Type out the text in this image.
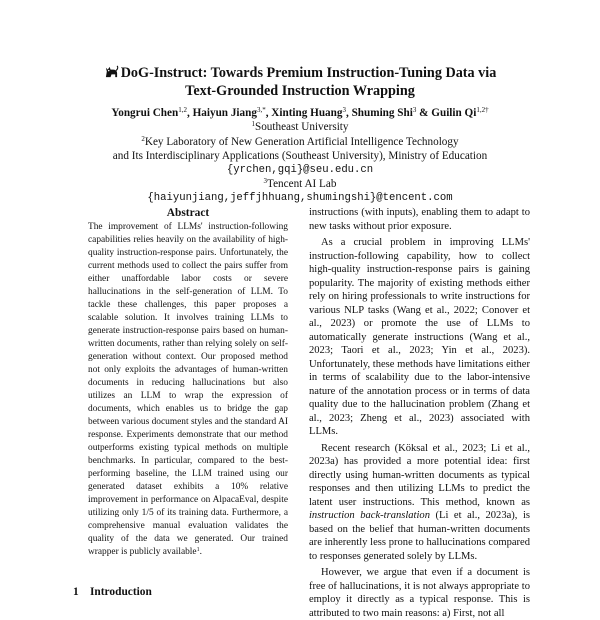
DoG-Instruct: Towards Premium Instruction-Tuning Data via
Text-Grounded Instruction Wrapping
Yongrui Chen$^{1,2}$, Haiyun Jiang$^{3,*}$, Xinting Huang$^3$, Shuming Shi$^3$ & Guilin $Qi^{1,2\dagger}$
$^1$Southeast University
$^2$Key Laboratory of New Generation Artificial Intelligence Technology
and Its Interdisciplinary Applications (Southeast University), Ministry of Education
{yrchen,gqi}@seu.edu.cn
$^3$Tencent AI Lab
{haiyunjiang,jeffjhhuang,shumingshi}@tencent.com
Abstract
The improvement of LLMs' instruction-following capabilities relies heavily on the availability of high-quality instruction-response pairs. Unfortunately, the current methods used to collect the pairs suffer from either unaffordable labor costs or severe hallucinations in the self-generation of LLM. To tackle these challenges, this paper proposes a scalable solution. It involves training LLMs to generate instruction-response pairs based on human-written documents, rather than relying solely on self-generation without context. Our proposed method not only exploits the advantages of human-written documents in reducing hallucinations but also utilizes an LLM to wrap the expression of documents, which enables us to bridge the gap between various document styles and the standard AI response. Experiments demonstrate that our method outperforms existing typical methods on multiple benchmarks. In particular, compared to the best-performing baseline, the LLM trained using our generated dataset exhibits a 10% relative improvement in performance on AlpacaEval, despite utilizing only 1/5 of its training data. Furthermore, a comprehensive manual evaluation validates the quality of the data we generated. Our trained wrapper is publicly available$^1$.
1 Introduction

instructions (with inputs), enabling them to adapt to new tasks without prior exposure.

As a crucial problem in improving LLMs' instruction-following capability, how to collect high-quality instruction-response pairs is gaining popularity. The majority of existing methods either rely on hiring professionals to write instructions for various NLP tasks (Wang et al., 2022; Conover et al., 2023) or promote the use of LLMs to automatically generate instructions (Wang et al., 2023; Taori et al., 2023; Yin et al., 2023). Unfortunately, these methods have limitations either in terms of scalability due to the labor-intensive nature of the annotation process or in terms of data quality due to the hallucination problem (Zhang et al., 2023; Zheng et al., 2023) associated with LLMs.

Recent research (Köksal et al., 2023; Li et al., 2023a) has provided a more potential idea: first directly using human-written documents as typical responses and then utilizing LLMs to predict the latent user instructions. This method, known as instruction back-translation (Li et al., 2023a), is based on the belief that human-written documents are inherently less prone to hallucinations compared to responses generated solely by LLMs.

However, we argue that even if a document is free of hallucinations, it is not always appropriate to employ it directly as a typical response. This is attributed to two main reasons: a) First, not all
